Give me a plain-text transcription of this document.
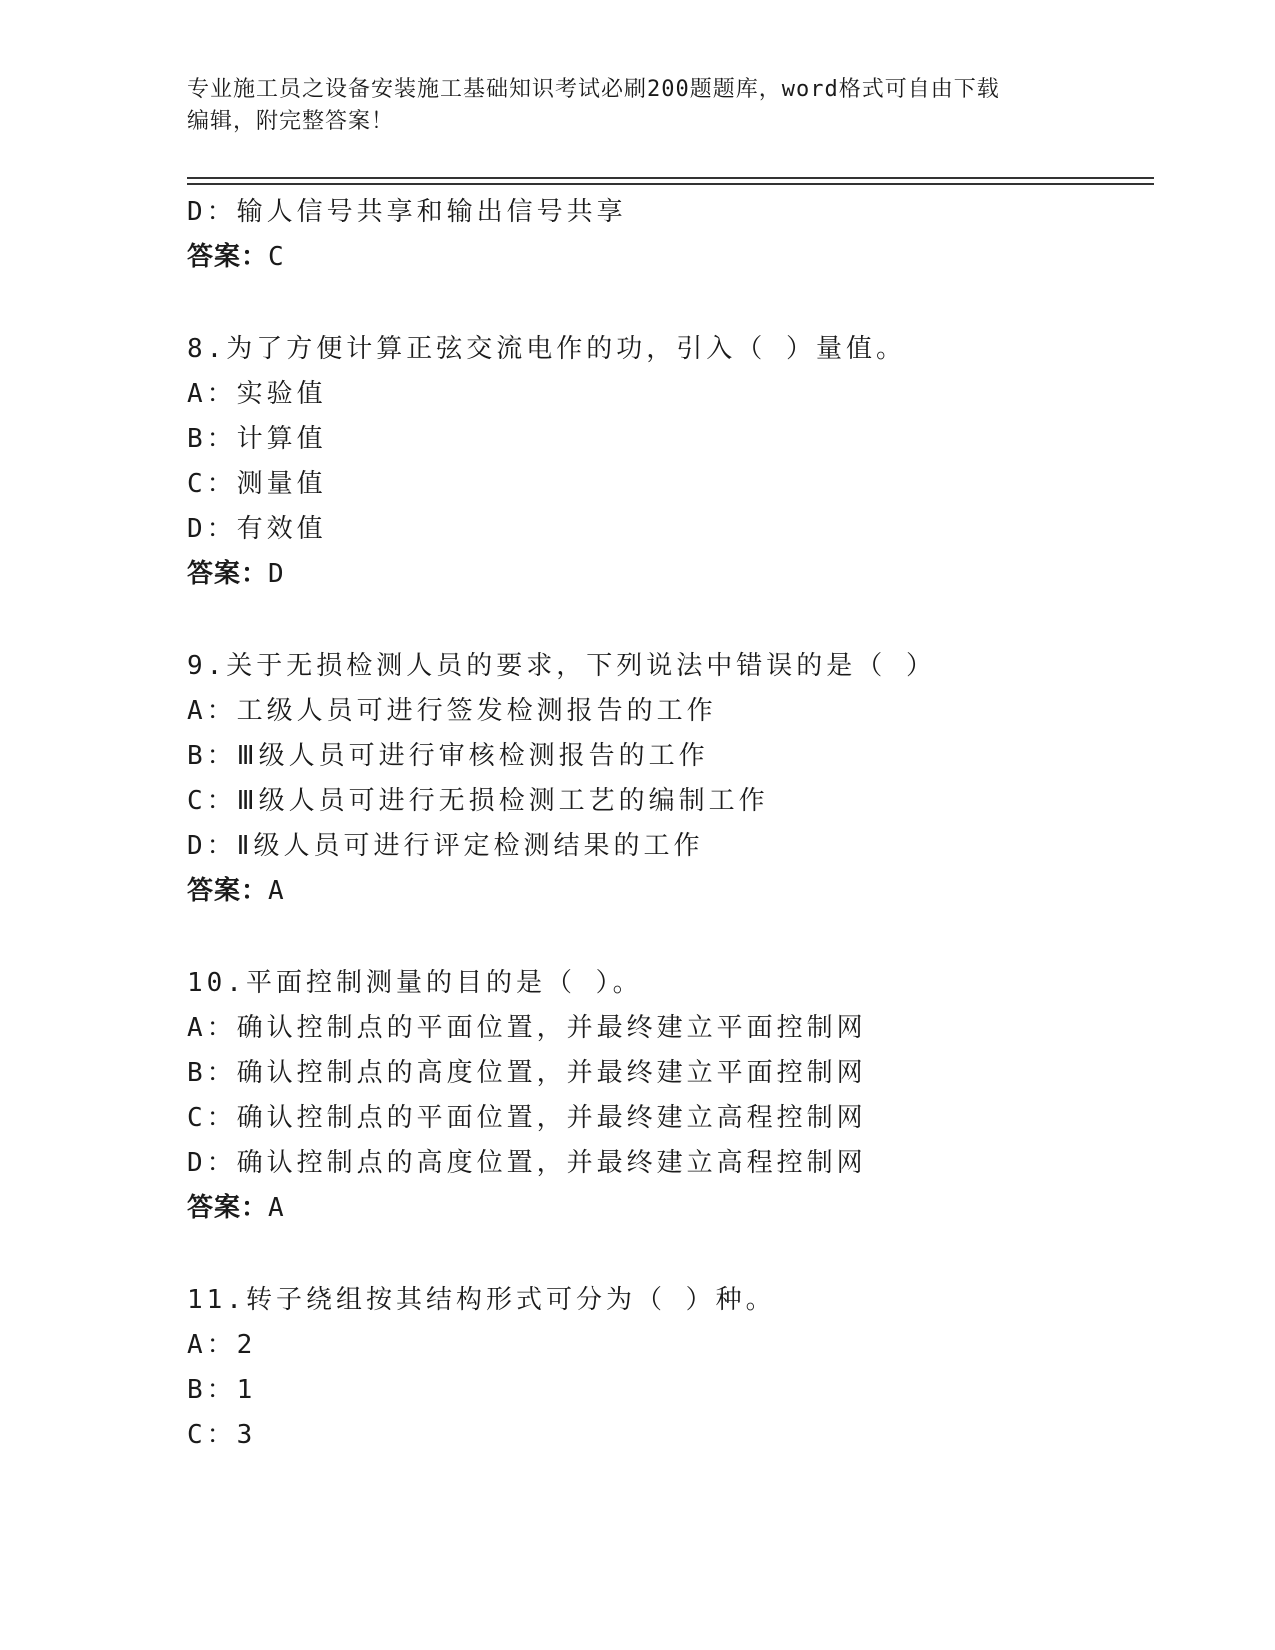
专业施工员之设备安装施工基础知识考试必刷200题题库，word格式可自由下载
编辑，附完整答案！
D：输人信号共享和输出信号共享
答案：C
8.为了方便计算正弦交流电作的功，引入（ ）量值。
A：实验值
B：计算值
C：测量值
D：有效值
答案：D
9.关于无损检测人员的要求，下列说法中错误的是（ ）
A：工级人员可进行签发检测报告的工作
B：Ⅲ级人员可进行审核检测报告的工作
C：Ⅲ级人员可进行无损检测工艺的编制工作
D：Ⅱ级人员可进行评定检测结果的工作
答案：A
10.平面控制测量的目的是（ ）。
A：确认控制点的平面位置，并最终建立平面控制网
B：确认控制点的高度位置，并最终建立平面控制网
C：确认控制点的平面位置，并最终建立高程控制网
D：确认控制点的高度位置，并最终建立高程控制网
答案：A
11.转子绕组按其结构形式可分为（ ）种。
A：2
B：1
C：3
